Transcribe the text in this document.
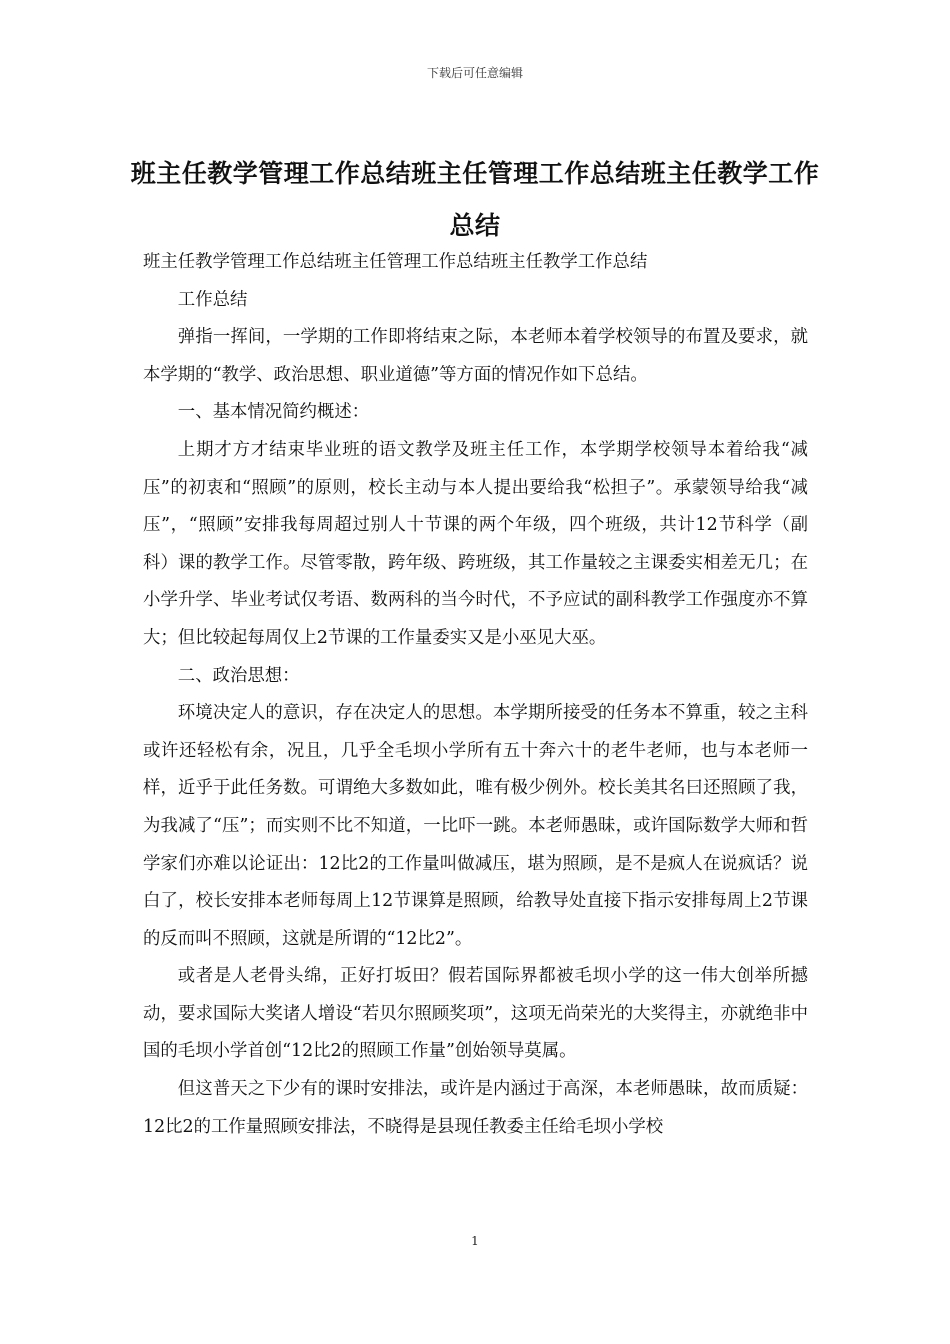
下载后可任意编辑
班主任教学管理工作总结班主任管理工作总结班主任教学工作总结

班主任教学管理工作总结班主任管理工作总结班主任教学工作总结

工作总结

弹指一挥间，一学期的工作即将结束之际，本老师本着学校领导的布置及要求，就本学期的“教学、政治思想、职业道德”等方面的情况作如下总结。

一、基本情况简约概述：

上期才方才结束毕业班的语文教学及班主任工作，本学期学校领导本着给我“减压”的初衷和“照顾”的原则，校长主动与本人提出要给我“松担子”。承蒙领导给我“减压”，“照顾”安排我每周超过别人十节课的两个年级，四个班级，共计12节科学（副科）课的教学工作。尽管零散，跨年级、跨班级，其工作量较之主课委实相差无几；在小学升学、毕业考试仅考语、数两科的当今时代，不予应试的副科教学工作强度亦不算大；但比较起每周仅上2节课的工作量委实又是小巫见大巫。

二、政治思想：

环境决定人的意识，存在决定人的思想。本学期所接受的任务本不算重，较之主科或许还轻松有余，况且，几乎全毛坝小学所有五十奔六十的老牛老师，也与本老师一样，近乎于此任务数。可谓绝大多数如此，唯有极少例外。校长美其名曰还照顾了我，为我减了“压”；而实则不比不知道，一比吓一跳。本老师愚昧，或许国际数学大师和哲学家们亦难以论证出：12比2的工作量叫做减压，堪为照顾，是不是疯人在说疯话？说白了，校长安排本老师每周上12节课算是照顾，给教导处直接下指示安排每周上2节课的反而叫不照顾，这就是所谓的“12比2”。

或者是人老骨头绵，正好打坂田？假若国际界都被毛坝小学的这一伟大创举所撼动，要求国际大奖诸人增设“若贝尔照顾奖项”，这项无尚荣光的大奖得主，亦就绝非中国的毛坝小学首创“12比2的照顾工作量”创始领导莫属。

但这普天之下少有的课时安排法，或许是内涵过于高深，本老师愚昧，故而质疑：12比2的工作量照顾安排法，不晓得是县现任教委主任给毛坝小学校

1
